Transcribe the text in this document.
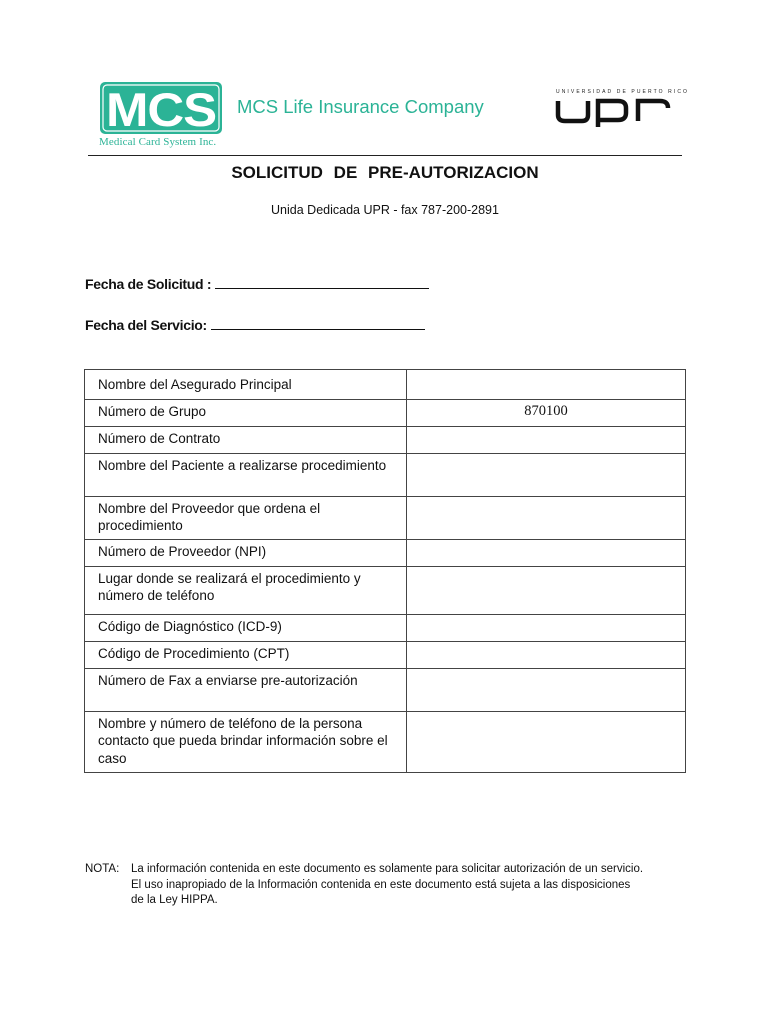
MCS
Medical Card System Inc.
MCS Life Insurance Company
UNIVERSIDAD DE PUERTO RICO
SOLICITUD DE PRE-AUTORIZACION
Unida Dedicada UPR - fax 787-200-2891
Fecha de Solicitud :
Fecha del Servicio:
Nombre del Asegurado Principal	
Número de Grupo	870100
Número de Contrato	
Nombre del Paciente a realizarse procedimiento	
Nombre del Proveedor que ordena el procedimiento	
Número de Proveedor (NPI)	
Lugar donde se realizará el procedimiento y número de teléfono	
Código de Diagnóstico (ICD-9)	
Código de Procedimiento (CPT)	
Número de Fax a enviarse pre-autorización	
Nombre y número de teléfono de la persona contacto que pueda brindar información sobre el caso	
NOTA: La información contenida en este documento es solamente para solicitar autorización de un servicio.
El uso inapropiado de la Información contenida en este documento está sujeta a las disposiciones
de la Ley HIPPA.
